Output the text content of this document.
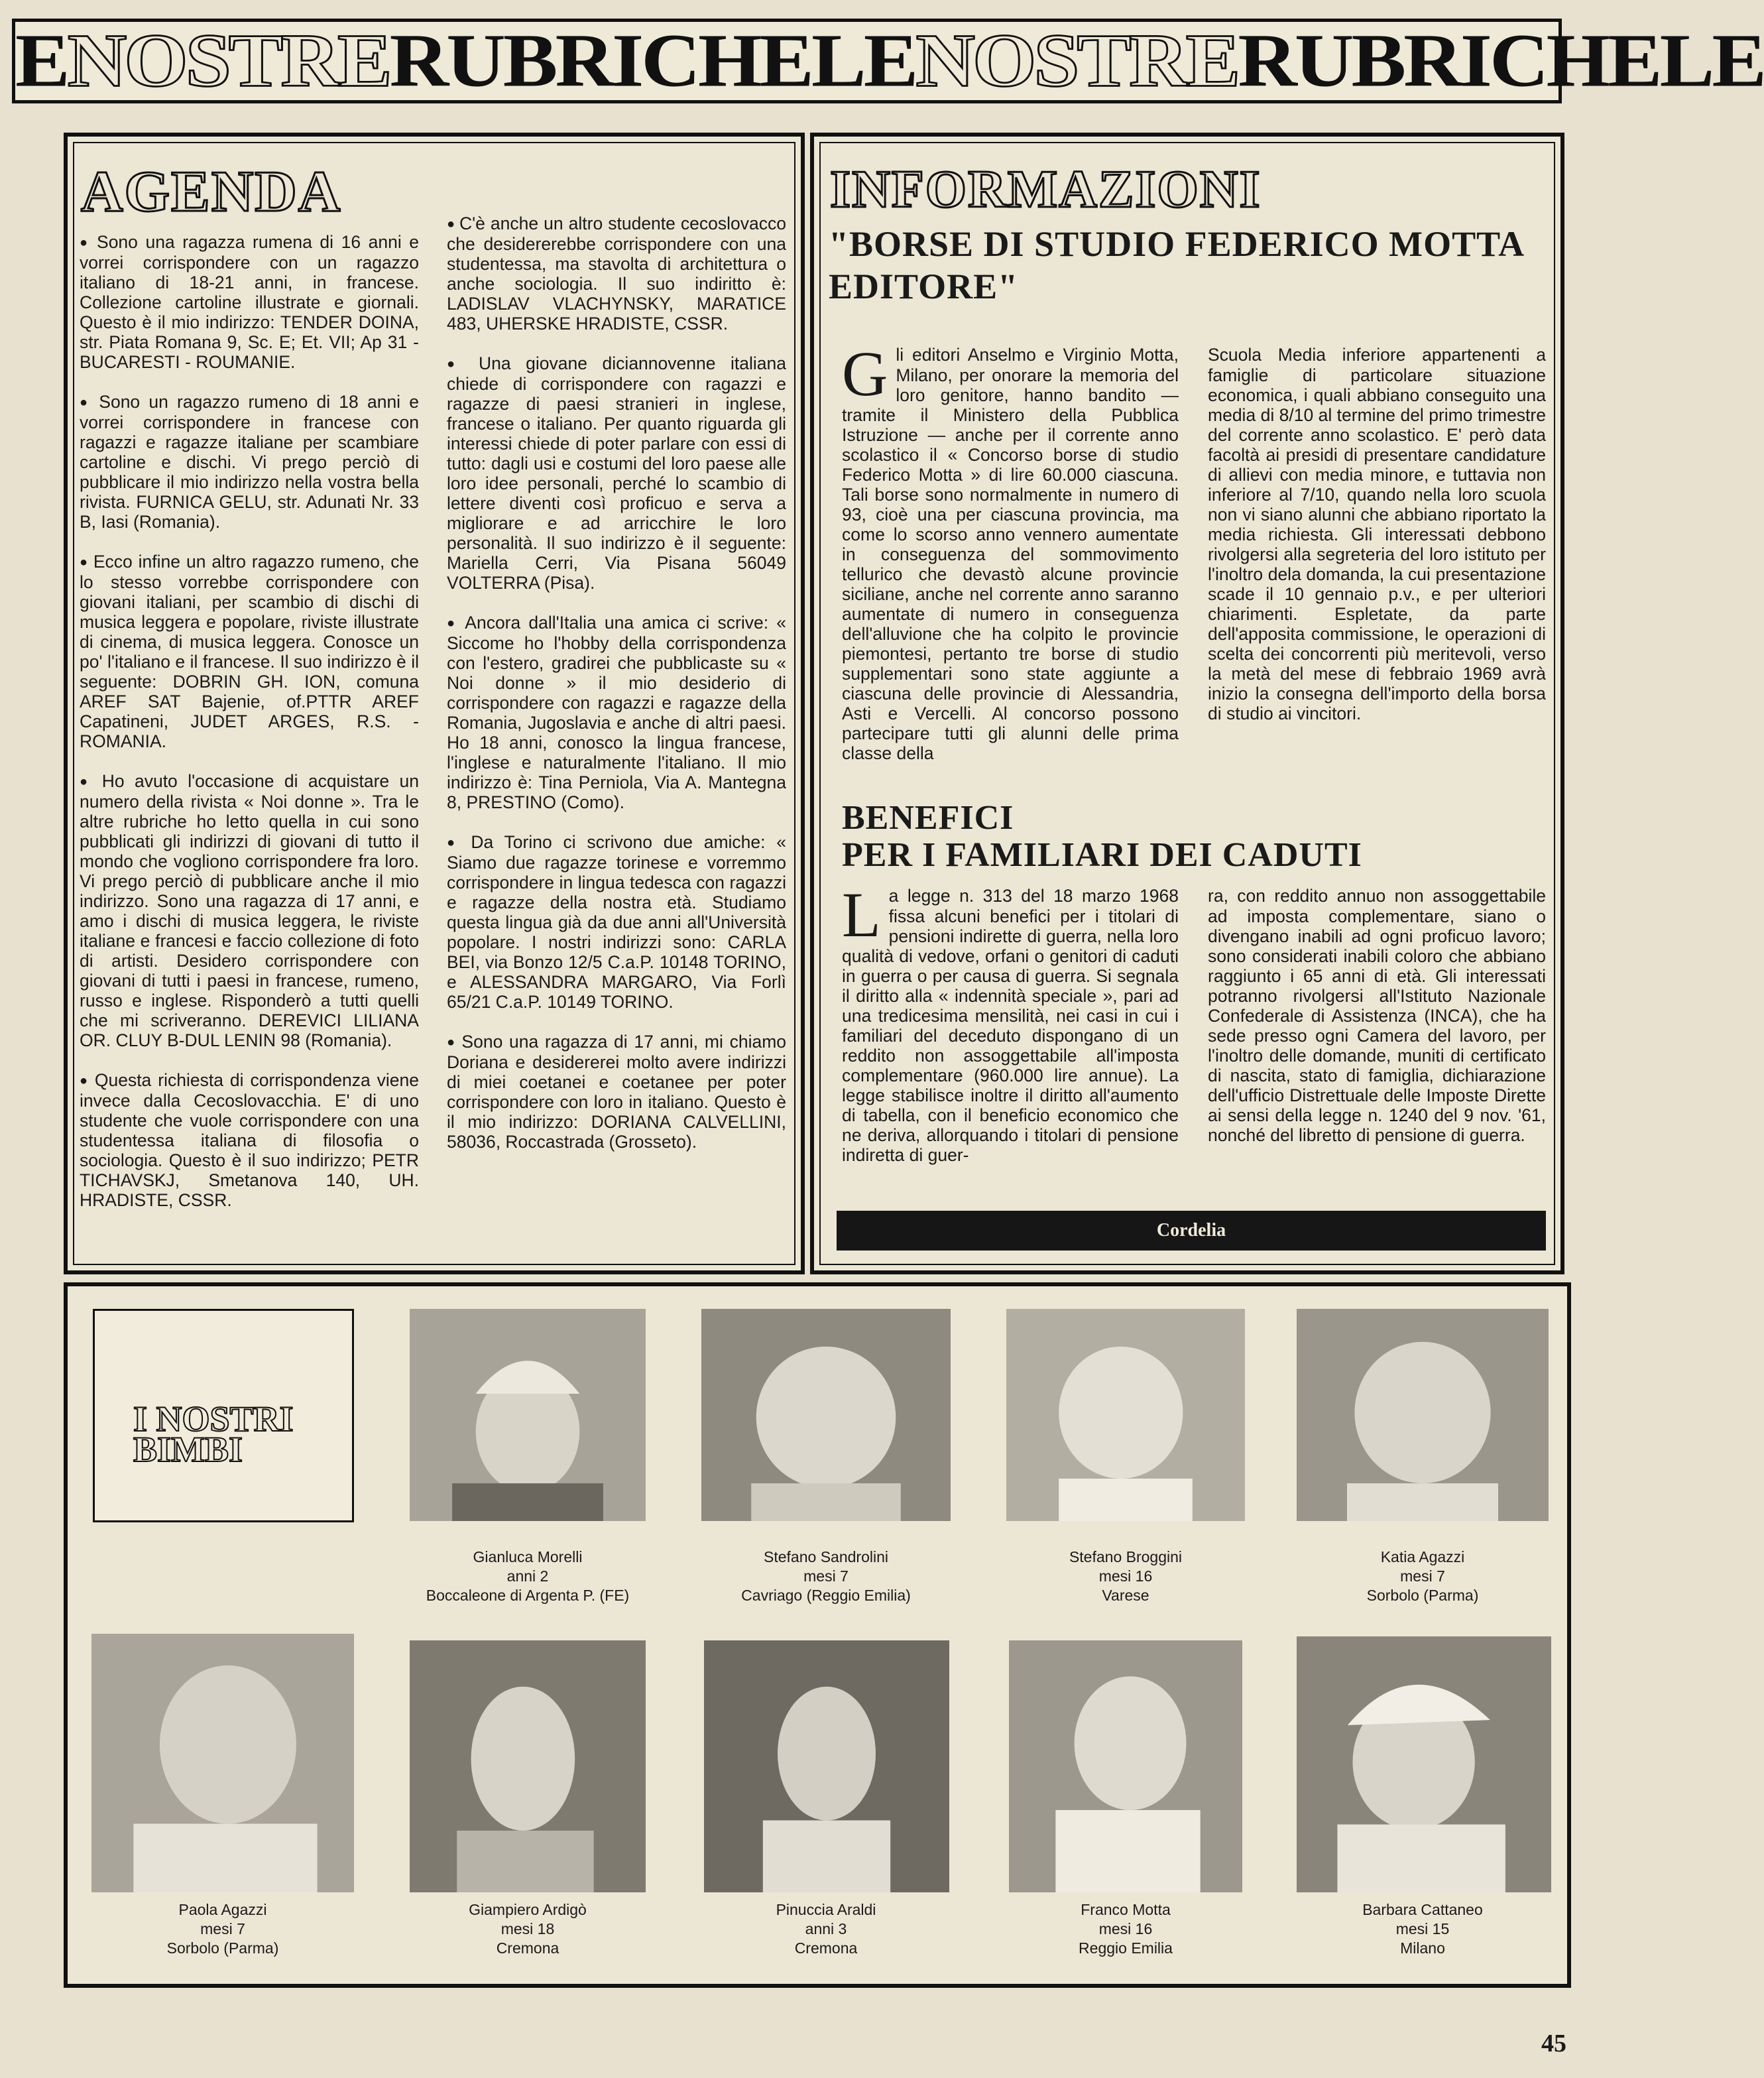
E NOSTRE RUBRICHE LE NOSTRE RUBRICHE LE
AGENDA

● Sono una ragazza rumena di 16 anni e vorrei corrispondere con un ragazzo italiano di 18-21 anni, in francese. Collezione cartoline illustrate e giornali. Questo è il mio indirizzo: TENDER DOINA, str. Piata Romana 9, Sc. E; Et. VII; Ap 31 - BUCARESTI - ROUMANIE.

● Sono un ragazzo rumeno di 18 anni e vorrei corrispondere in francese con ragazzi e ragazze italiane per scambiare cartoline e dischi. Vi prego perciò di pubblicare il mio indirizzo nella vostra bella rivista. FURNICA GELU, str. Adunati Nr. 33 B, Iasi (Romania).

● Ecco infine un altro ragazzo rumeno, che lo stesso vorrebbe corrispondere con giovani italiani, per scambio di dischi di musica leggera e popolare, riviste illustrate di cinema, di musica leggera. Conosce un po' l'italiano e il francese. Il suo indirizzo è il seguente: DOBRIN GH. ION, comuna AREF SAT Bajenie, of.PTTR AREF Capatineni, JUDET ARGES, R.S. - ROMANIA.

● Ho avuto l'occasione di acquistare un numero della rivista « Noi donne ». Tra le altre rubriche ho letto quella in cui sono pubblicati gli indirizzi di giovani di tutto il mondo che vogliono corrispondere fra loro. Vi prego perciò di pubblicare anche il mio indirizzo. Sono una ragazza di 17 anni, e amo i dischi di musica leggera, le riviste italiane e francesi e faccio collezione di foto di artisti. Desidero corrispondere con giovani di tutti i paesi in francese, rumeno, russo e inglese. Risponderò a tutti quelli che mi scriveranno. DEREVICI LILIANA OR. CLUY B-DUL LENIN 98 (Romania).

● Questa richiesta di corrispondenza viene invece dalla Cecoslovacchia. E' di uno studente che vuole corrispondere con una studentessa italiana di filosofia o sociologia. Questo è il suo indirizzo; PETR TICHAVSKJ, Smetanova 140, UH. HRADISTE, CSSR.

● C'è anche un altro studente cecoslovacco che desidererebbe corrispondere con una studentessa, ma stavolta di architettura o anche sociologia. Il suo indiritto è: LADISLAV VLACHYNSKY, MARATICE 483, UHERSKE HRADISTE, CSSR.

● Una giovane diciannovenne italiana chiede di corrispondere con ragazzi e ragazze di paesi stranieri in inglese, francese o italiano. Per quanto riguarda gli interessi chiede di poter parlare con essi di tutto: dagli usi e costumi del loro paese alle loro idee personali, perché lo scambio di lettere diventi così proficuo e serva a migliorare e ad arricchire le loro personalità. Il suo indirizzo è il seguente: Mariella Cerri, Via Pisana 56049 VOLTERRA (Pisa).

● Ancora dall'Italia una amica ci scrive: « Siccome ho l'hobby della corrispondenza con l'estero, gradirei che pubblicaste su « Noi donne » il mio desiderio di corrispondere con ragazzi e ragazze della Romania, Jugoslavia e anche di altri paesi. Ho 18 anni, conosco la lingua francese, l'inglese e naturalmente l'italiano. Il mio indirizzo è: Tina Perniola, Via A. Mantegna 8, PRESTINO (Como).

● Da Torino ci scrivono due amiche: « Siamo due ragazze torinese e vorremmo corrispondere in lingua tedesca con ragazzi e ragazze della nostra età. Studiamo questa lingua già da due anni all'Università popolare. I nostri indirizzi sono: CARLA BEI, via Bonzo 12/5 C.a.P. 10148 TORINO, e ALESSANDRA MARGARO, Via Forlì 65/21 C.a.P. 10149 TORINO.

● Sono una ragazza di 17 anni, mi chiamo Doriana e desidererei molto avere indirizzi di miei coetanei e coetanee per poter corrispondere con loro in italiano. Questo è il mio indirizzo: DORIANA CALVELLINI, 58036, Roccastrada (Grosseto).

INFORMAZIONI
"BORSE DI STUDIO FEDERICO MOTTA EDITORE"

Gli editori Anselmo e Virginio Motta, Milano, per onorare la memoria del loro genitore, hanno bandito — tramite il Ministero della Pubblica Istruzione — anche per il corrente anno scolastico il « Concorso borse di studio Federico Motta » di lire 60.000 ciascuna. Tali borse sono normalmente in numero di 93, cioè una per ciascuna provincia, ma come lo scorso anno vennero aumentate in conseguenza del sommovimento tellurico che devastò alcune provincie siciliane, anche nel corrente anno saranno aumentate di numero in conseguenza dell'alluvione che ha colpito le provincie piemontesi, pertanto tre borse di studio supplementari sono state aggiunte a ciascuna delle provincie di Alessandria, Asti e Vercelli. Al concorso possono partecipare tutti gli alunni delle prima classe della

Scuola Media inferiore appartenenti a famiglie di particolare situazione economica, i quali abbiano conseguito una media di 8/10 al termine del primo trimestre del corrente anno scolastico. E' però data facoltà ai presidi di presentare candidature di allievi con media minore, e tuttavia non inferiore al 7/10, quando nella loro scuola non vi siano alunni che abbiano riportato la media richiesta. Gli interessati debbono rivolgersi alla segreteria del loro istituto per l'inoltro dela domanda, la cui presentazione scade il 10 gennaio p.v., e per ulteriori chiarimenti. Espletate, da parte dell'apposita commissione, le operazioni di scelta dei concorrenti più meritevoli, verso la metà del mese di febbraio 1969 avrà inizio la consegna dell'importo della borsa di studio ai vincitori.

BENEFICI
PER I FAMILIARI DEI CADUTI

La legge n. 313 del 18 marzo 1968 fissa alcuni benefici per i titolari di pensioni indirette di guerra, nella loro qualità di vedove, orfani o genitori di caduti in guerra o per causa di guerra. Si segnala il diritto alla « indennità speciale », pari ad una tredicesima mensilità, nei casi in cui i familiari del deceduto dispongano di un reddito non assoggettabile all'imposta complementare (960.000 lire annue). La legge stabilisce inoltre il diritto all'aumento di tabella, con il beneficio economico che ne deriva, allorquando i titolari di pensione indiretta di guer-

ra, con reddito annuo non assoggettabile ad imposta complementare, siano o divengano inabili ad ogni proficuo lavoro; sono considerati inabili coloro che abbiano raggiunto i 65 anni di età. Gli interessati potranno rivolgersi all'Istituto Nazionale Confederale di Assistenza (INCA), che ha sede presso ogni Camera del lavoro, per l'inoltro delle domande, muniti di certificato di nascita, stato di famiglia, dichiarazione dell'ufficio Distrettuale delle Imposte Dirette ai sensi della legge n. 1240 del 9 nov. '61, nonché del libretto di pensione di guerra.

Cordelia
I NOSTRI
BIMBI
Gianluca Morelli
anni 2
Boccaleone di Argenta P. (FE)
Stefano Sandrolini
mesi 7
Cavriago (Reggio Emilia)
Stefano Broggini
mesi 16
Varese
Katia Agazzi
mesi 7
Sorbolo (Parma)
Paola Agazzi
mesi 7
Sorbolo (Parma)
Giampiero Ardigò
mesi 18
Cremona
Pinuccia Araldi
anni 3
Cremona
Franco Motta
mesi 16
Reggio Emilia
Barbara Cattaneo
mesi 15
Milano
45
